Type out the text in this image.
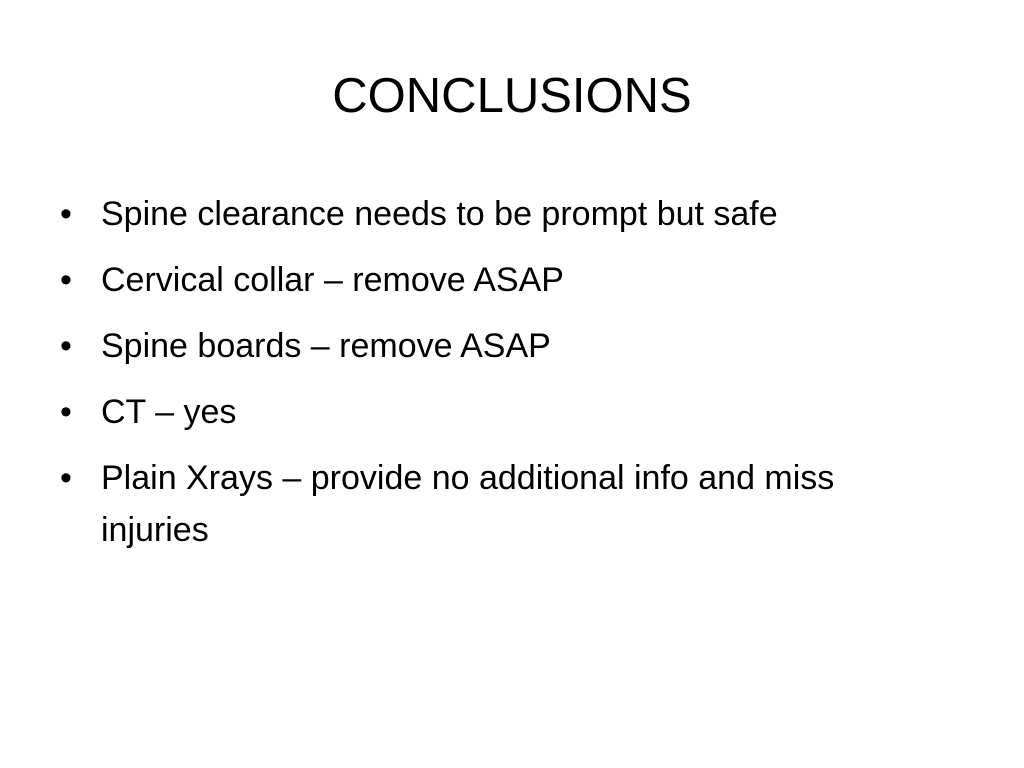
CONCLUSIONS
• Spine clearance needs to be prompt but safe
• Cervical collar – remove ASAP
• Spine boards – remove ASAP
• CT – yes
• Plain Xrays – provide no additional info and miss injuries
